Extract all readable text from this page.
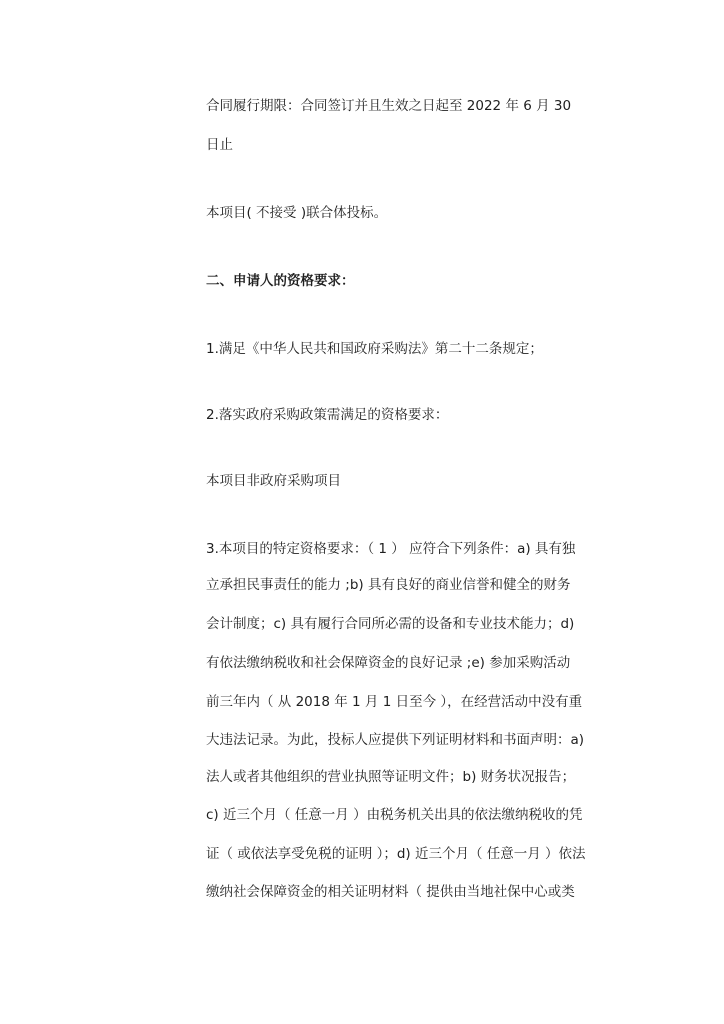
合同履行期限：合同签订并且生效之日起至 2022 年 6 月 30
日止
本项目( 不接受 )联合体投标。
二、申请人的资格要求：
1.满足《中华人民共和国政府采购法》第二十二条规定；
2.落实政府采购政策需满足的资格要求：
本项目非政府采购项目
3.本项目的特定资格要求：（ 1 ） 应符合下列条件：a) 具有独
立承担民事责任的能力 ;b) 具有良好的商业信誉和健全的财务
会计制度；c) 具有履行合同所必需的设备和专业技术能力；d)
有依法缴纳税收和社会保障资金的良好记录 ;e) 参加采购活动
前三年内（ 从 2018 年 1 月 1 日至今 ），在经营活动中没有重
大违法记录。为此，投标人应提供下列证明材料和书面声明：a)
法人或者其他组织的营业执照等证明文件；b) 财务状况报告；
c) 近三个月（ 任意一月 ）由税务机关出具的依法缴纳税收的凭
证（ 或依法享受免税的证明 ）；d) 近三个月（ 任意一月 ）依法
缴纳社会保障资金的相关证明材料（ 提供由当地社保中心或类
